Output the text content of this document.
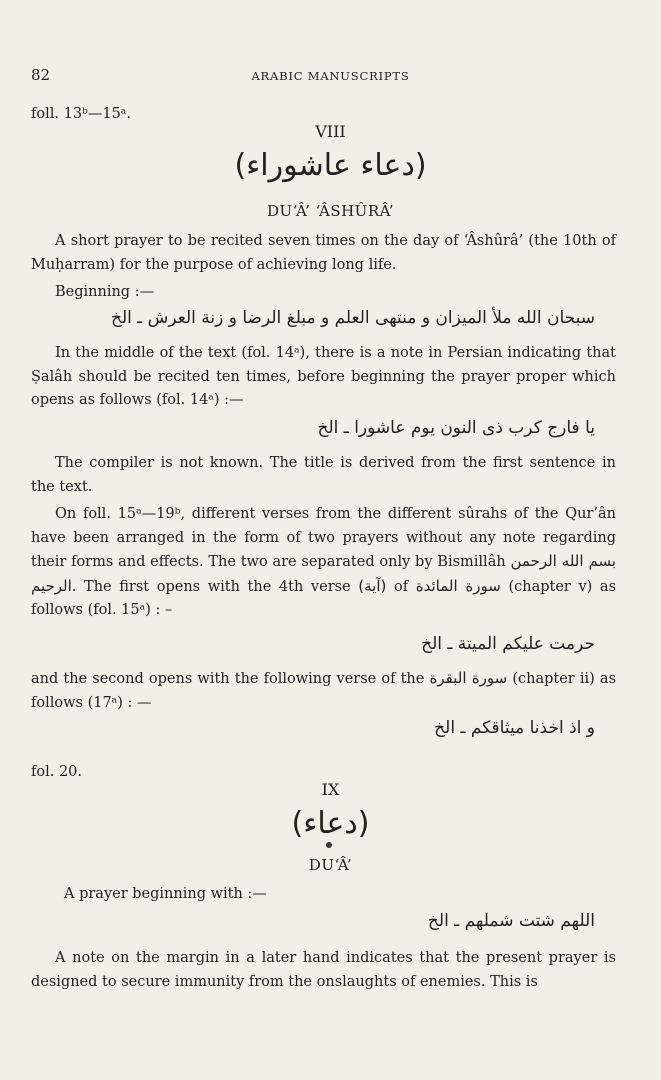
82	ARABIC MANUSCRIPTS
foll. 13ᵇ—15ᵃ.
VIII
(دعاء عاشوراء)
DU‘Â’ ‘ÂSHÛRÂ’
A short prayer to be recited seven times on the day of ‘Âshûrâ’ (the 10th of Muḥarram) for the purpose of achieving long life.
Beginning :—
سبحان الله ملأ الميزان و منتهى العلم و مبلغ الرضا و زنة العرش ـ الخ
In the middle of the text (fol. 14ᵃ), there is a note in Persian indicating that Ṣalâh should be recited ten times, before beginning the prayer proper which opens as follows (fol. 14ᵃ) :—
يا فارج كرب ذى النون يوم عاشورا ـ الخ
The compiler is not known. The title is derived from the first sentence in the text.
On foll. 15ᵃ—19ᵇ, different verses from the different sûrahs of the Qur’ân have been arranged in the form of two prayers without any note regarding their forms and effects. The two are separated only by Bismillâh بسم الله الرحمن الرحيم. The first opens with the 4th verse (آية) of سورة المائدة (chapter v) as follows (fol. 15ᵃ) : –
حرمت عليكم الميتة ـ الخ
and the second opens with the following verse of the سورة البقرة (chapter ii) as follows (17ᵃ) : —
و اذ اخذنا ميثاقكم ـ الخ
fol. 20.
IX
(دعاء)
DU‘Â’
A prayer beginning with :—
اللهم شتت شملهم ـ الخ
A note on the margin in a later hand indicates that the present prayer is designed to secure immunity from the onslaughts of enemies. This is
